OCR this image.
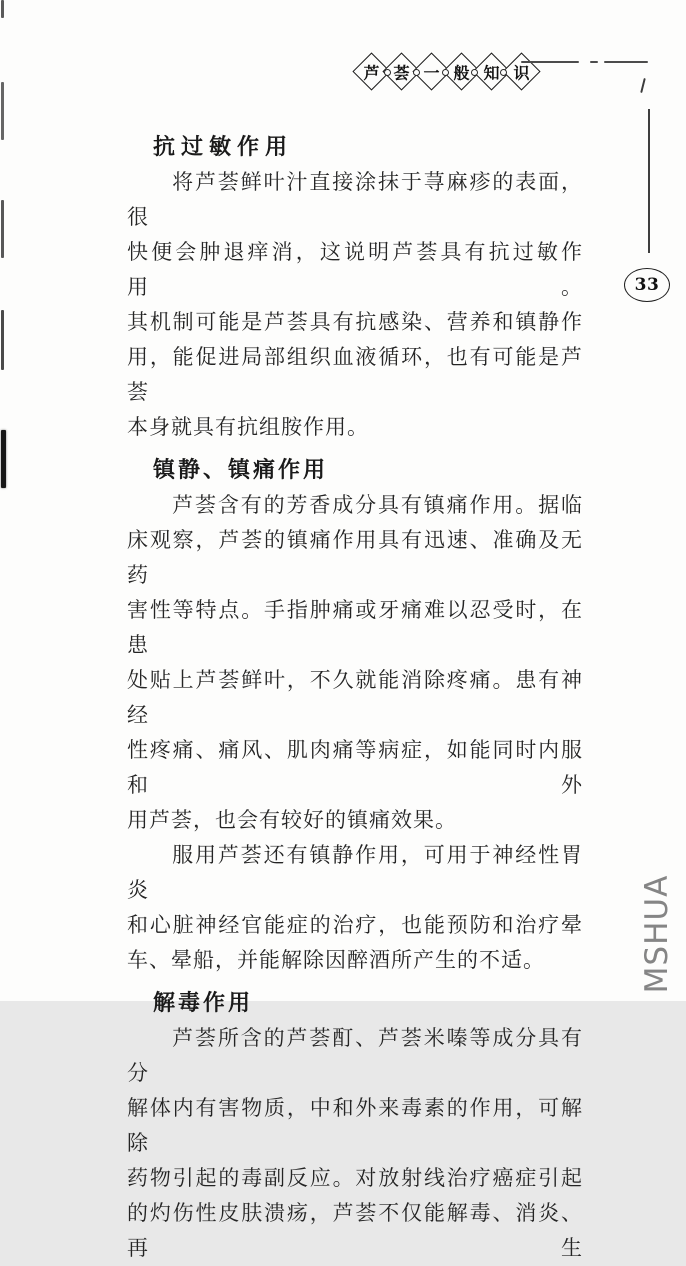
芦 荟 一 般 知 识
33
抗过敏作用
将芦荟鲜叶汁直接涂抹于荨麻疹的表面，很
快便会肿退痒消，这说明芦荟具有抗过敏作用。
其机制可能是芦荟具有抗感染、营养和镇静作
用，能促进局部组织血液循环，也有可能是芦荟
本身就具有抗组胺作用。
镇静、镇痛作用
芦荟含有的芳香成分具有镇痛作用。据临
床观察，芦荟的镇痛作用具有迅速、准确及无药
害性等特点。手指肿痛或牙痛难以忍受时，在患
处贴上芦荟鲜叶，不久就能消除疼痛。患有神经
性疼痛、痛风、肌肉痛等病症，如能同时内服和外
用芦荟，也会有较好的镇痛效果。
服用芦荟还有镇静作用，可用于神经性胃炎
和心脏神经官能症的治疗，也能预防和治疗晕
车、晕船，并能解除因醉酒所产生的不适。
解毒作用
芦荟所含的芦荟酊、芦荟米嗪等成分具有分
解体内有害物质，中和外来毒素的作用，可解除
药物引起的毒副反应。对放射线治疗癌症引起
的灼伤性皮肤溃疡，芦荟不仅能解毒、消炎、再生
MSHUA
